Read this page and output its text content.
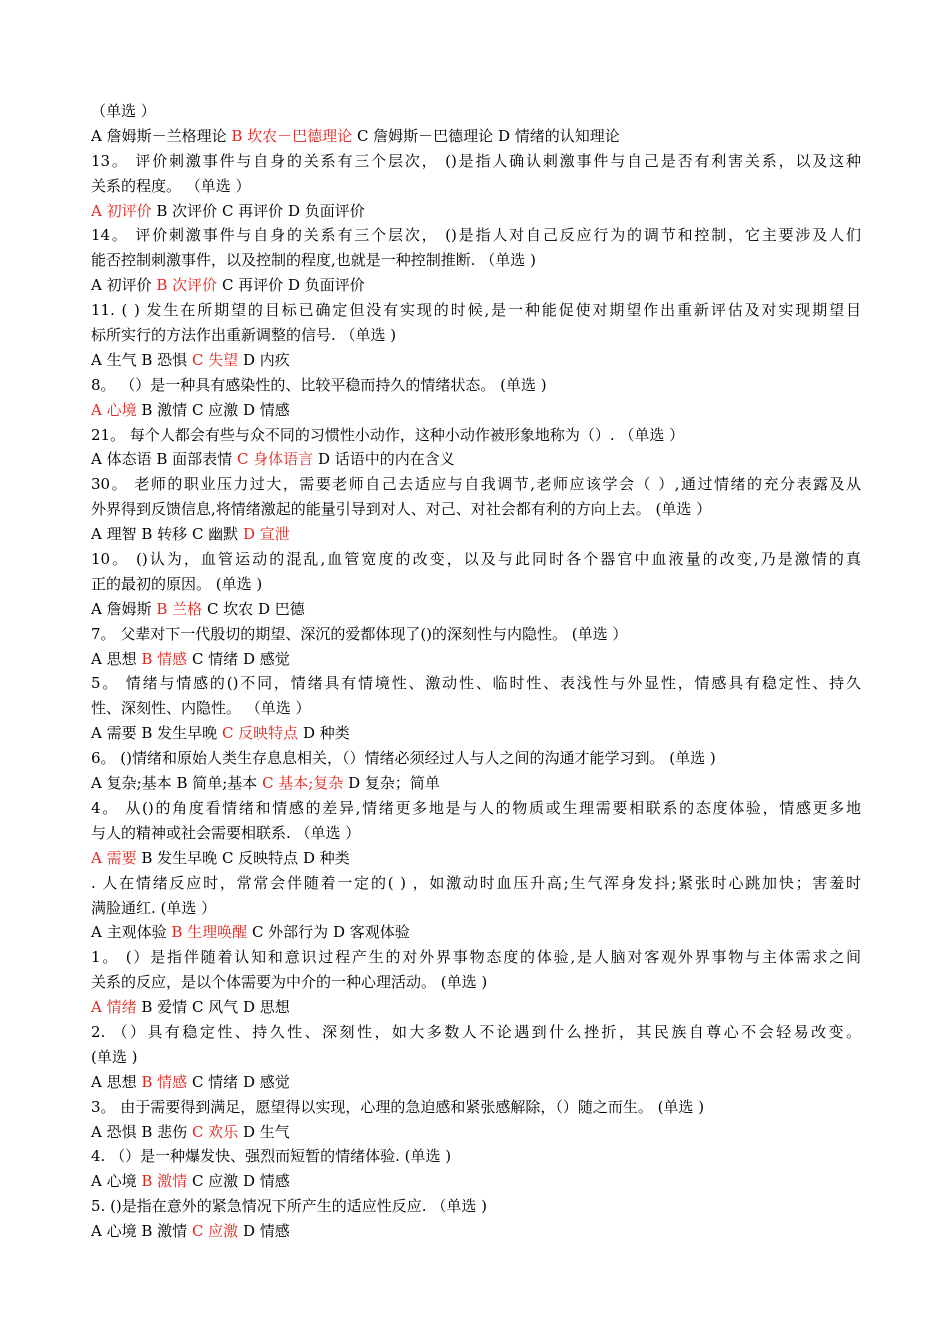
（单选 ）
A 詹姆斯－兰格理论 B 坎农－巴德理论 C 詹姆斯－巴德理论 D 情绪的认知理论
13。 评价刺激事件与自身的关系有三个层次， ()是指人确认刺激事件与自己是否有利害关系，以及这种
关系的程度。 （单选 ）
A 初评价 B 次评价 C 再评价 D 负面评价
14。 评价刺激事件与自身的关系有三个层次， ()是指人对自己反应行为的调节和控制，它主要涉及人们
能否控制刺激事件，以及控制的程度,也就是一种控制推断. （单选 )
A 初评价 B 次评价 C 再评价 D 负面评价
11. ( ) 发生在所期望的目标已确定但没有实现的时候,是一种能促使对期望作出重新评估及对实现期望目
标所实行的方法作出重新调整的信号. （单选 )
A 生气 B 恐惧 C 失望 D 内疚
8。 （）是一种具有感染性的、比较平稳而持久的情绪状态。 (单选 )
A 心境 B 激情 C 应激 D 情感
21。 每个人都会有些与众不同的习惯性小动作，这种小动作被形象地称为（）. （单选 ）
A 体态语 B 面部表情 C 身体语言 D 话语中的内在含义
30。 老师的职业压力过大，需要老师自己去适应与自我调节,老师应该学会（ ）,通过情绪的充分表露及从
外界得到反馈信息,将情绪激起的能量引导到对人、对己、对社会都有利的方向上去。 (单选 ）
A 理智 B 转移 C 幽默 D 宣泄
10。 ()认为，血管运动的混乱,血管宽度的改变，以及与此同时各个器官中血液量的改变,乃是激情的真
正的最初的原因。 (单选 )
A 詹姆斯 B 兰格 C 坎农 D 巴德
7。 父辈对下一代殷切的期望、深沉的爱都体现了()的深刻性与内隐性。 (单选 ）
A 思想 B 情感 C 情绪 D 感觉
5。 情绪与情感的()不同，情绪具有情境性、激动性、临时性、表浅性与外显性，情感具有稳定性、持久
性、深刻性、内隐性。 （单选 ）
A 需要 B 发生早晚 C 反映特点 D 种类
6。 ()情绪和原始人类生存息息相关，（）情绪必须经过人与人之间的沟通才能学习到。 (单选 )
A 复杂;基本 B 简单;基本 C 基本;复杂 D 复杂；简单
4。 从()的角度看情绪和情感的差异,情绪更多地是与人的物质或生理需要相联系的态度体验，情感更多地
与人的精神或社会需要相联系. （单选 ）
A 需要 B 发生早晚 C 反映特点 D 种类
. 人在情绪反应时，常常会伴随着一定的( ) ，如激动时血压升高;生气浑身发抖;紧张时心跳加快；害羞时
满脸通红. (单选 ）
A 主观体验 B 生理唤醒 C 外部行为 D 客观体验
1。 (）是指伴随着认知和意识过程产生的对外界事物态度的体验,是人脑对客观外界事物与主体需求之间
关系的反应，是以个体需要为中介的一种心理活动。 (单选 )
A 情绪 B 爱情 C 风气 D 思想
2. （）具有稳定性、持久性、深刻性，如大多数人不论遇到什么挫折，其民族自尊心不会轻易改变。
(单选 )
A 思想 B 情感 C 情绪 D 感觉
3。 由于需要得到满足，愿望得以实现，心理的急迫感和紧张感解除，（）随之而生。 (单选 )
A 恐惧 B 悲伤 C 欢乐 D 生气
4. （）是一种爆发快、强烈而短暂的情绪体验. (单选 )
A 心境 B 激情 C 应激 D 情感
5. ()是指在意外的紧急情况下所产生的适应性反应. （单选 )
A 心境 B 激情 C 应激 D 情感
